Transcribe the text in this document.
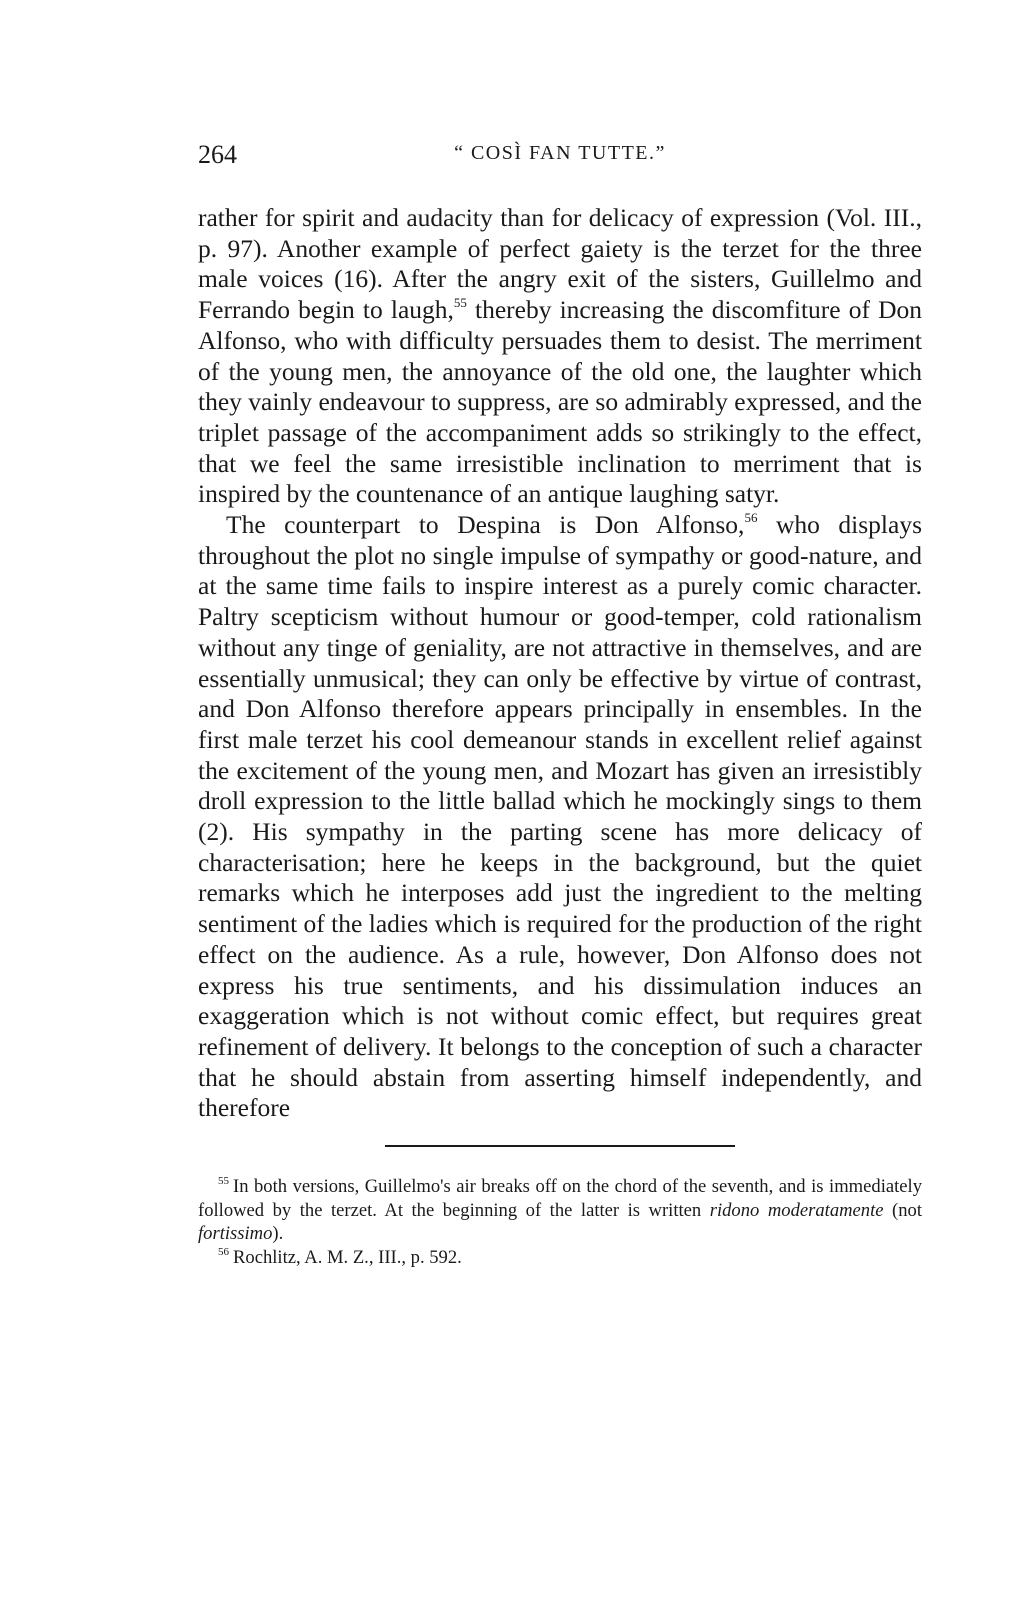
264	“ COSÌ FAN TUTTE.”

rather for spirit and audacity than for delicacy of expression (Vol. III., p. 97). Another example of perfect gaiety is the terzet for the three male voices (16). After the angry exit of the sisters, Guillelmo and Ferrando begin to laugh,$^{55}$ thereby increasing the discomfiture of Don Alfonso, who with difficulty persuades them to desist. The merriment of the young men, the annoyance of the old one, the laughter which they vainly endeavour to suppress, are so admirably expressed, and the triplet passage of the accompaniment adds so strikingly to the effect, that we feel the same irresistible inclination to merriment that is inspired by the countenance of an antique laughing satyr.

The counterpart to Despina is Don Alfonso,$^{56}$ who displays throughout the plot no single impulse of sympathy or good-nature, and at the same time fails to inspire interest as a purely comic character. Paltry scepticism without humour or good-temper, cold rationalism without any tinge of geniality, are not attractive in themselves, and are essentially unmusical; they can only be effective by virtue of contrast, and Don Alfonso therefore appears principally in ensembles. In the first male terzet his cool demeanour stands in excellent relief against the excitement of the young men, and Mozart has given an irresistibly droll expression to the little ballad which he mockingly sings to them (2). His sympathy in the parting scene has more delicacy of characterisation; here he keeps in the background, but the quiet remarks which he interposes add just the ingredient to the melting sentiment of the ladies which is required for the production of the right effect on the audience. As a rule, however, Don Alfonso does not express his true sentiments, and his dissimulation induces an exaggeration which is not without comic effect, but requires great refinement of delivery. It belongs to the conception of such a character that he should abstain from asserting himself independently, and therefore

$^{55}$ In both versions, Guillelmo's air breaks off on the chord of the seventh, and is immediately followed by the terzet. At the beginning of the latter is written ridono moderatamente (not fortissimo).

$^{56}$ Rochlitz, A. M. Z., III., p. 592.
